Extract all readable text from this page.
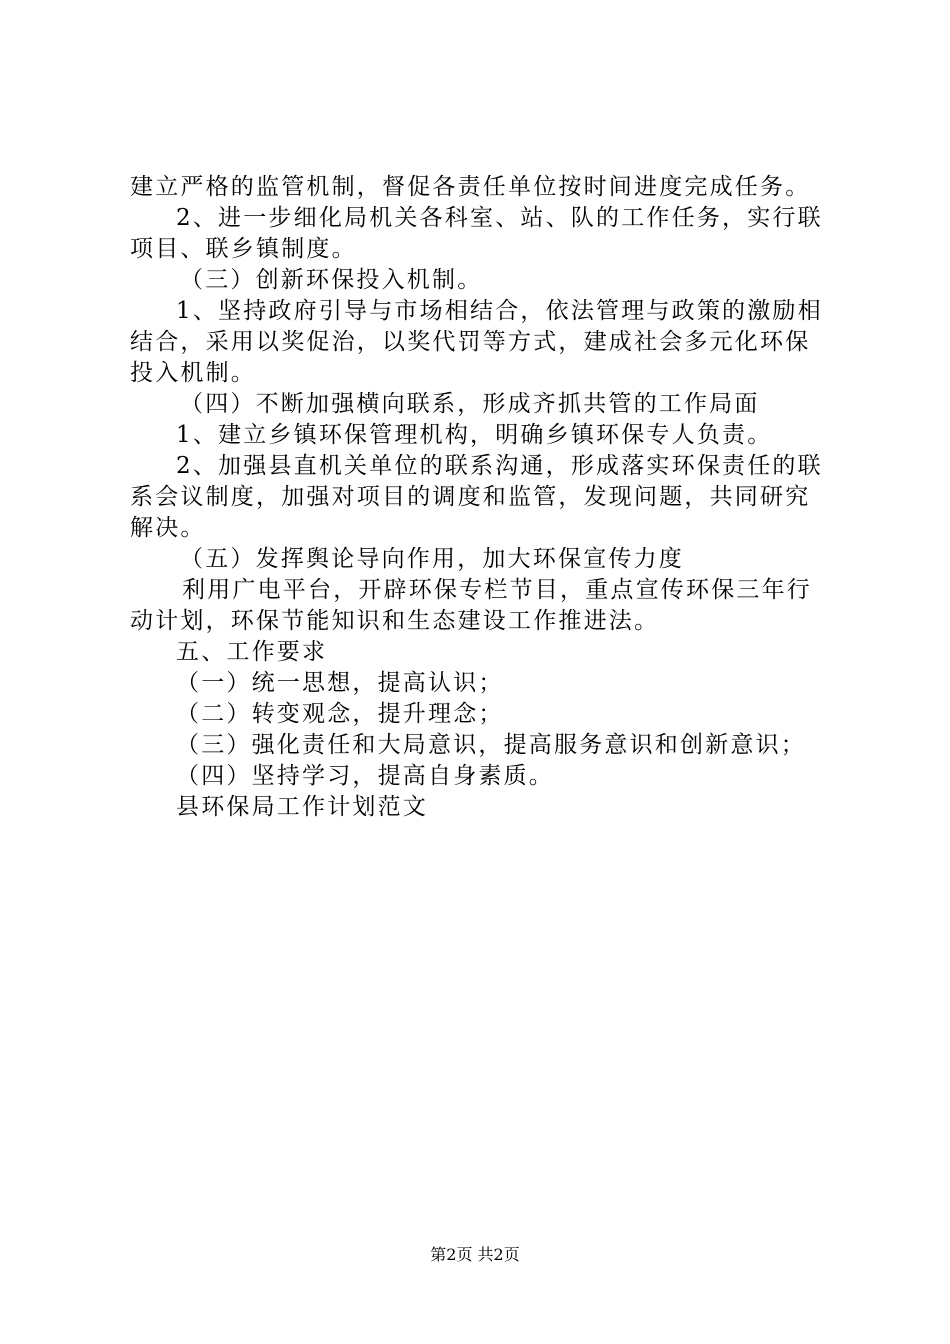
建立严格的监管机制，督促各责任单位按时间进度完成任务。
2、进一步细化局机关各科室、站、队的工作任务，实行联
项目、联乡镇制度。
（三）创新环保投入机制。
1、坚持政府引导与市场相结合，依法管理与政策的激励相
结合，采用以奖促治，以奖代罚等方式，建成社会多元化环保
投入机制。
（四）不断加强横向联系，形成齐抓共管的工作局面
1、建立乡镇环保管理机构，明确乡镇环保专人负责。
2、加强县直机关单位的联系沟通，形成落实环保责任的联
系会议制度，加强对项目的调度和监管，发现问题，共同研究
解决。
（五）发挥舆论导向作用，加大环保宣传力度
利用广电平台，开辟环保专栏节目，重点宣传环保三年行
动计划，环保节能知识和生态建设工作推进法。
五、工作要求
（一）统一思想，提高认识；
（二）转变观念，提升理念；
（三）强化责任和大局意识，提高服务意识和创新意识；
（四）坚持学习，提高自身素质。
县环保局工作计划范文
第2页 共2页
